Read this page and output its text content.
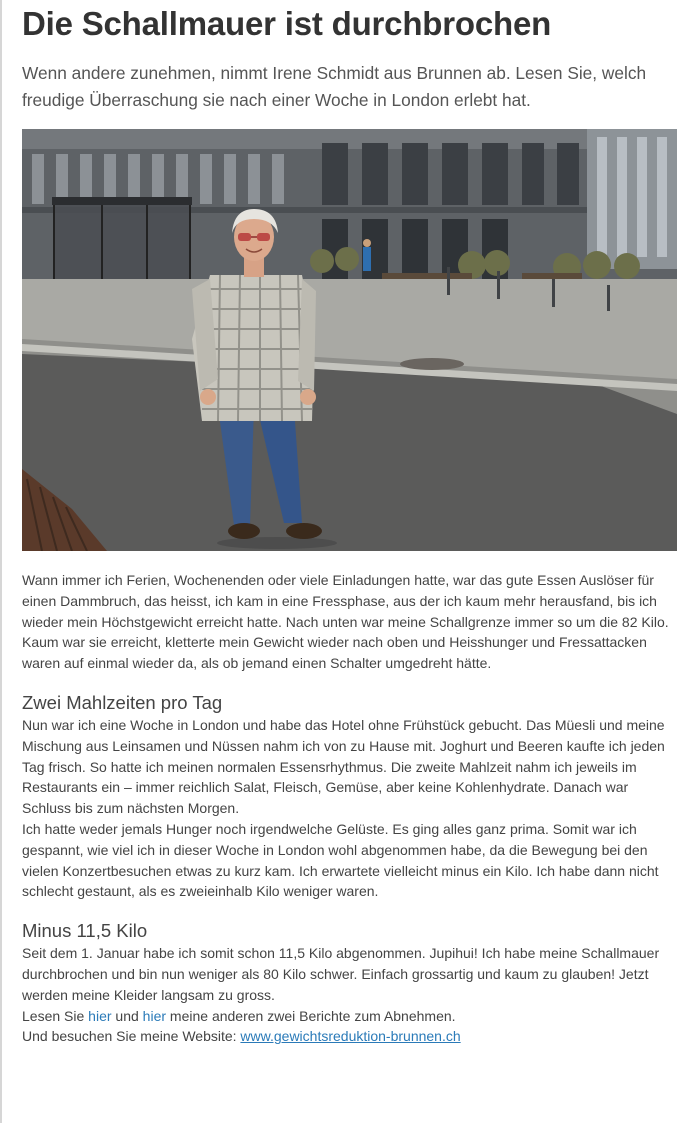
Die Schallmauer ist durchbrochen

Wenn andere zunehmen, nimmt Irene Schmidt aus Brunnen ab. Lesen Sie, welch freudige Überraschung sie nach einer Woche in London erlebt hat.

Wann immer ich Ferien, Wochenenden oder viele Einladungen hatte, war das gute Essen Auslöser für einen Dammbruch, das heisst, ich kam in eine Fressphase, aus der ich kaum mehr herausfand, bis ich wieder mein Höchstgewicht erreicht hatte. Nach unten war meine Schallgrenze immer so um die 82 Kilo. Kaum war sie erreicht, kletterte mein Gewicht wieder nach oben und Heisshunger und Fressattacken waren auf einmal wieder da, als ob jemand einen Schalter umgedreht hätte.

Zwei Mahlzeiten pro Tag

Nun war ich eine Woche in London und habe das Hotel ohne Frühstück gebucht. Das Müesli und meine Mischung aus Leinsamen und Nüssen nahm ich von zu Hause mit. Joghurt und Beeren kaufte ich jeden Tag frisch. So hatte ich meinen normalen Essensrhythmus. Die zweite Mahlzeit nahm ich jeweils im Restaurants ein – immer reichlich Salat, Fleisch, Gemüse, aber keine Kohlenhydrate. Danach war Schluss bis zum nächsten Morgen.

Ich hatte weder jemals Hunger noch irgendwelche Gelüste. Es ging alles ganz prima. Somit war ich gespannt, wie viel ich in dieser Woche in London wohl abgenommen habe, da die Bewegung bei den vielen Konzertbesuchen etwas zu kurz kam. Ich erwartete vielleicht minus ein Kilo. Ich habe dann nicht schlecht gestaunt, als es zweieinhalb Kilo weniger waren.

Minus 11,5 Kilo

Seit dem 1. Januar habe ich somit schon 11,5 Kilo abgenommen. Jupihui! Ich habe meine Schallmauer durchbrochen und bin nun weniger als 80 Kilo schwer. Einfach grossartig und kaum zu glauben! Jetzt werden meine Kleider langsam zu gross.

Lesen Sie hier und hier meine anderen zwei Berichte zum Abnehmen.

Und besuchen Sie meine Website: www.gewichtsreduktion-brunnen.ch
